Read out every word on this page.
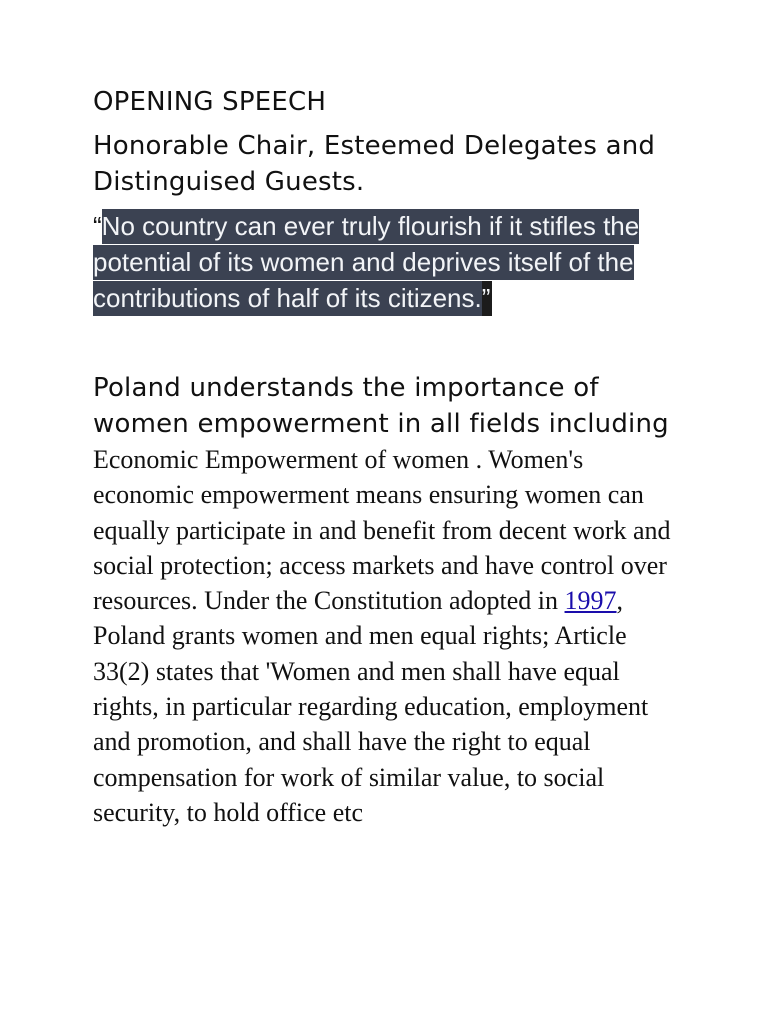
OPENING SPEECH

Honorable Chair, Esteemed Delegates and Distinguised Guests.

“No country can ever truly flourish if it stifles the potential of its women and deprives itself of the contributions of half of its citizens.”

Poland understands the importance of women empowerment in all fields including Economic Empowerment of women . Women's economic empowerment means ensuring women can equally participate in and benefit from decent work and social protection; access markets and have control over resources. Under the Constitution adopted in 1997, Poland grants women and men equal rights; Article 33(2) states that 'Women and men shall have equal rights, in particular regarding education, employment and promotion, and shall have the right to equal compensation for work of similar value, to social security, to hold office etc
